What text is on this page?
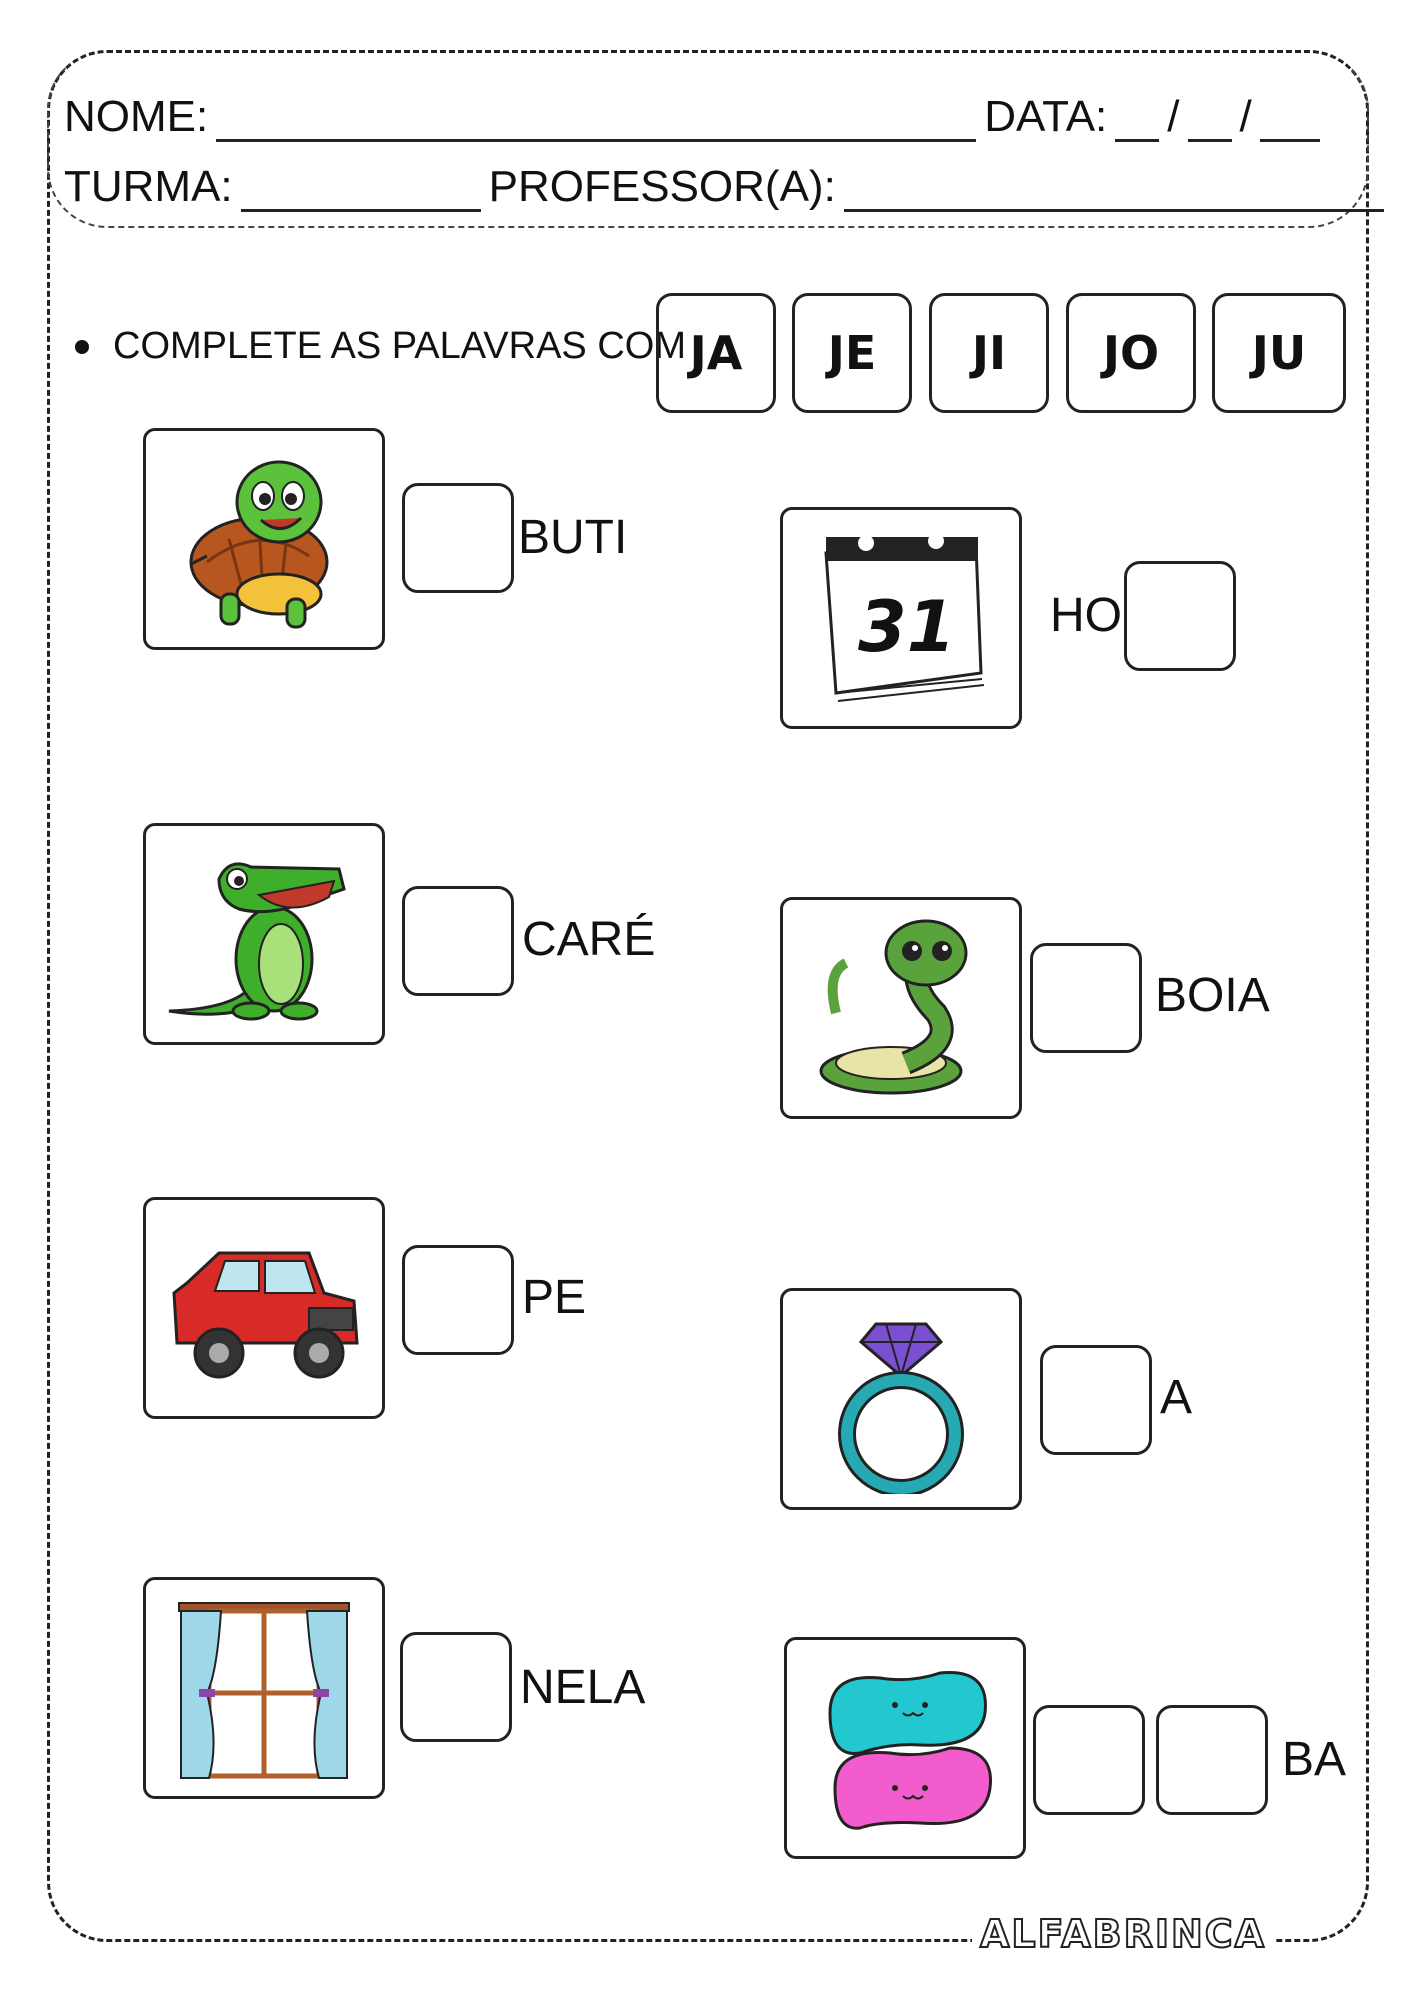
NOME:	DATA: / /
TURMA:	PROFESSOR(A):
COMPLETE AS PALAVRAS COM JA	JE	JI	JO	JU
BUTI
CARÉ
PE
NELA
31 HO
BOIA
A
BA
ALFABRINCA
